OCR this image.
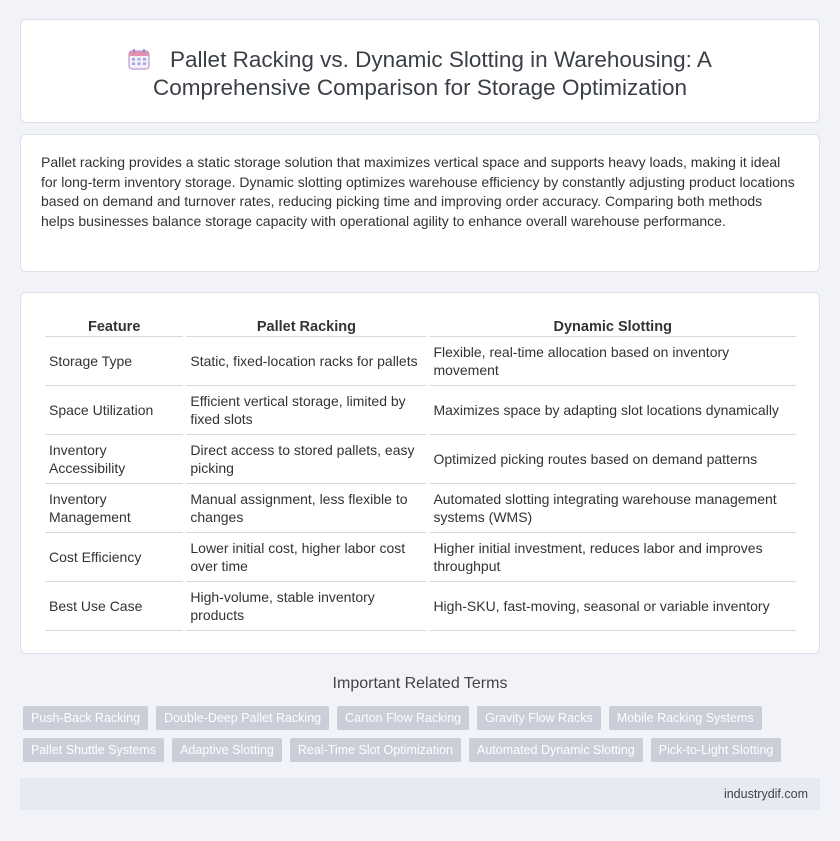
Pallet Racking vs. Dynamic Slotting in Warehousing: A Comprehensive Comparison for Storage Optimization

Pallet racking provides a static storage solution that maximizes vertical space and supports heavy loads, making it ideal for long-term inventory storage. Dynamic slotting optimizes warehouse efficiency by constantly adjusting product locations based on demand and turnover rates, reducing picking time and improving order accuracy. Comparing both methods helps businesses balance storage capacity with operational agility to enhance overall warehouse performance.

Feature	Pallet Racking	Dynamic Slotting
Storage Type	Static, fixed-location racks for pallets	Flexible, real-time allocation based on inventory movement
Space Utilization	Efficient vertical storage, limited by fixed slots	Maximizes space by adapting slot locations dynamically
Inventory Accessibility	Direct access to stored pallets, easy picking	Optimized picking routes based on demand patterns
Inventory Management	Manual assignment, less flexible to changes	Automated slotting integrating warehouse management systems (WMS)
Cost Efficiency	Lower initial cost, higher labor cost over time	Higher initial investment, reduces labor and improves throughput
Best Use Case	High-volume, stable inventory products	High-SKU, fast-moving, seasonal or variable inventory
Important Related Terms
Push-Back Racking	Double-Deep Pallet Racking	Carton Flow Racking	Gravity Flow Racks	Mobile Racking Systems
Pallet Shuttle Systems	Adaptive Slotting	Real-Time Slot Optimization	Automated Dynamic Slotting	Pick-to-Light Slotting
industrydif.com
